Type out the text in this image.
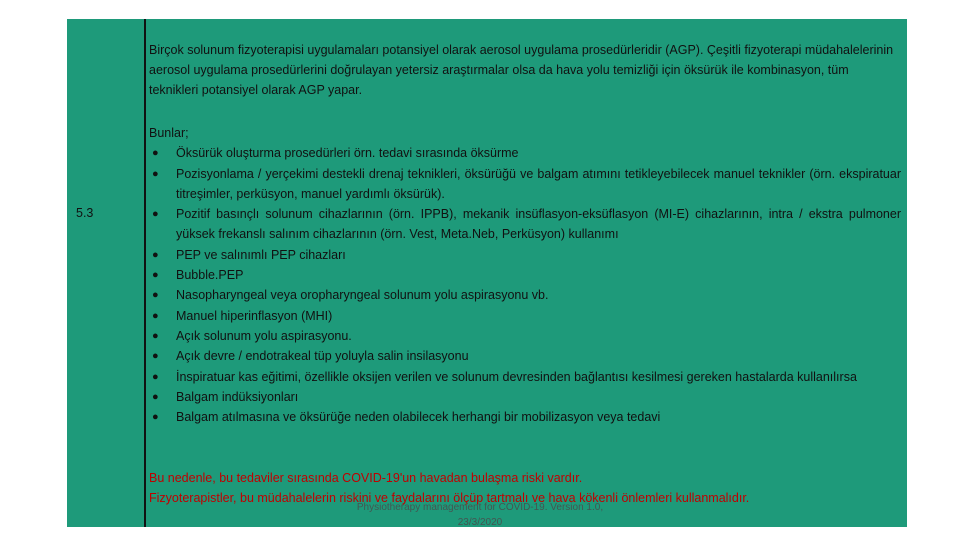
5.3

Birçok solunum fizyoterapisi uygulamaları potansiyel olarak aerosol uygulama prosedürleridir (AGP). Çeşitli fizyoterapi müdahalelerinin aerosol uygulama prosedürlerini doğrulayan yetersiz araştırmalar olsa da hava yolu temizliği için öksürük ile kombinasyon, tüm teknikleri potansiyel olarak AGP yapar.

Bunlar;

● Öksürük oluşturma prosedürleri örn. tedavi sırasında öksürme
● Pozisyonlama / yerçekimi destekli drenaj teknikleri, öksürüğü ve balgam atımını tetikleyebilecek manuel teknikler (örn. ekspiratuar titreşimler, perküsyon, manuel yardımlı öksürük).
● Pozitif basınçlı solunum cihazlarının (örn. IPPB), mekanik insüflasyon-eksüflasyon (MI-E) cihazlarının, intra / ekstra pulmoner yüksek frekanslı salınım cihazlarının (örn. Vest, Meta.Neb, Perküsyon) kullanımı
● PEP ve salınımlı PEP cihazları
● Bubble.PEP
● Nasopharyngeal veya oropharyngeal solunum yolu aspirasyonu vb.
● Manuel hiperinflasyon (MHI)
● Açık solunum yolu aspirasyonu.
● Açık devre / endotrakeal tüp yoluyla salin insilasyonu
● İnspiratuar kas eğitimi, özellikle oksijen verilen ve solunum devresinden bağlantısı kesilmesi gereken hastalarda kullanılırsa
● Balgam indüksiyonları
● Balgam atılmasına ve öksürüğe neden olabilecek herhangi bir mobilizasyon veya tedavi
Bu nedenle, bu tedaviler sırasında COVID-19'un havadan bulaşma riski vardır.
Fizyoterapistler, bu müdahalelerin riskini ve faydalarını ölçüp tartmalı ve hava kökenli önlemleri kullanmalıdır.
Physiotherapy management for COVID-19. Version 1.0,
23/3/2020
